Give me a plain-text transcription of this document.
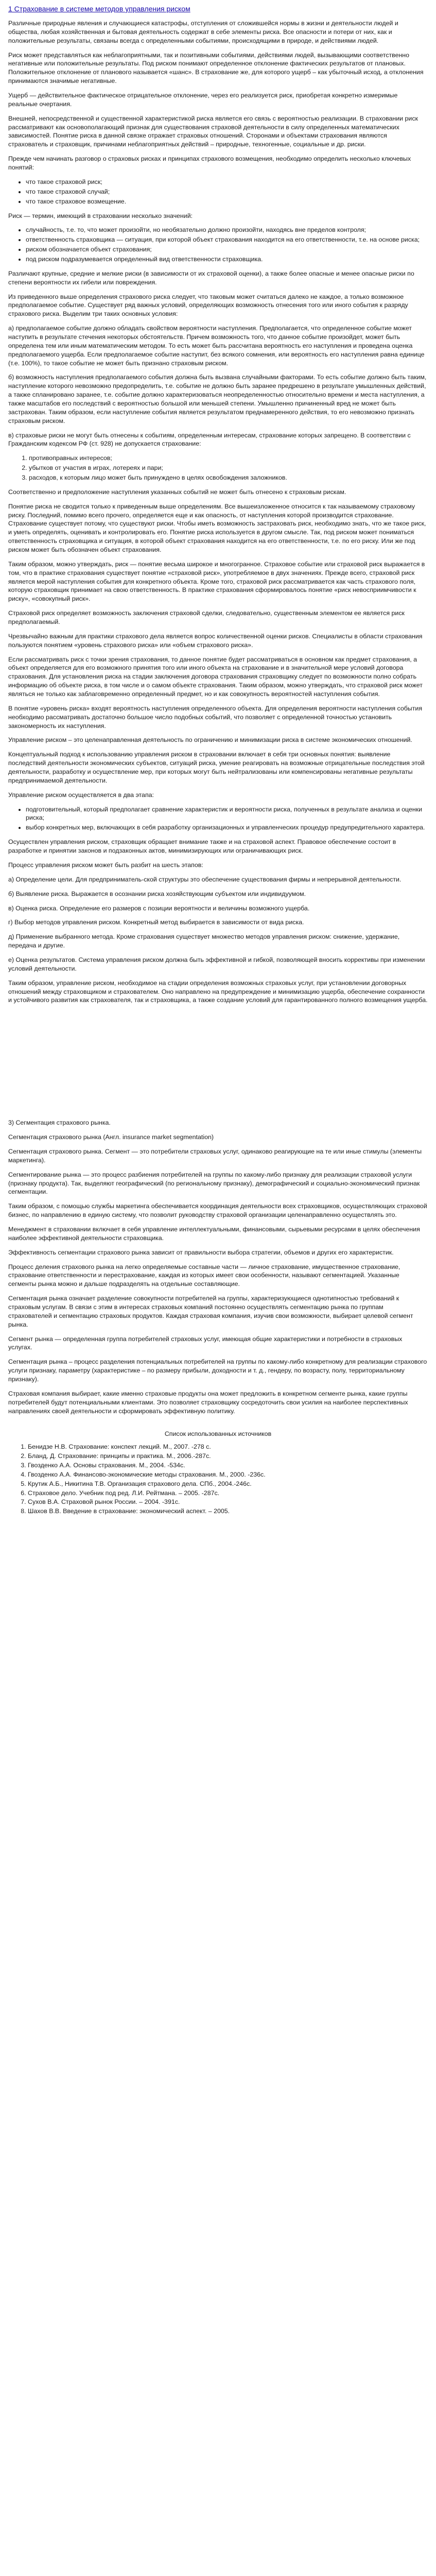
1 Страхование в системе методов управления риском

Различные природные явления и случающиеся катастрофы, отступления от сложившейся нормы в жизни и деятельности людей и общества, любая хозяйственная и бытовая деятельность содержат в себе элементы риска. Все опасности и потери от них, как и положительные результаты, связаны всегда с определенными событиями, происходящими в природе, и действиями людей.

Риск может представляться как неблагоприятными, так и позитивными событиями, действиями людей, вызывающими соответственно негативные или положительные результаты. Под риском понимают определенное отклонение фактических результатов от плановых. Положительное отклонение от планового называется «шанс». В страхование же, для которого ущерб – как убыточный исход, а отклонения принимаются значимые негативные.

Ущерб — действительное фактическое отрицательное отклонение, через его реализуется риск, приобретая конкретно измеримые реальные очертания.

Внешней, непосредственной и существенной характеристикой риска является его связь с вероятностью реализации. В страховании риск рассматривают как основополагающий признак для существования страховой деятельности в силу определенных математических зависимостей. Понятие риска в данной связке отражает страховых отношений. Сторонами и объектами страхования являются страхователь и страховщик, причинами неблагоприятных действий – природные, техногенные, социальные и др. риски.

Прежде чем начинать разговор о страховых рисках и принципах страхового возмещения, необходимо определить несколько ключевых понятий:

• что такое страховой риск;
• что такое страховой случай;
• что такое страховое возмещение.

Риск — термин, имеющий в страховании несколько значений:

• случайность, т.е. то, что может произойти, но необязательно должно произойти, находясь вне пределов контроля;
• ответственность страховщика — ситуация, при которой объект страхования находится на его ответственности, т.е. на основе риска;
• риском обозначается объект страхования;
• под риском подразумевается определенный вид ответственности страховщика.

Различают крупные, средние и мелкие риски (в зависимости от их страховой оценки), а также более опасные и менее опасные риски по степени вероятности их гибели или повреждения.

Из приведенного выше определения страхового риска следует, что таковым может считаться далеко не каждое, а только возможное предполагаемое событие. Существует ряд важных условий, определяющих возможность отнесения того или иного события к разряду страхового риска. Выделим три таких основных условия:

а) предполагаемое событие должно обладать свойством вероятности наступления. Предполагается, что определенное событие может наступить в результате стечения некоторых обстоятельств. Причем возможность того, что данное событие произойдет, может быть определена тем или иным математическим методом. То есть может быть рассчитана вероятность его наступления и проведена оценка предполагаемого ущерба. Если предполагаемое событие наступит, без всякого сомнения, или вероятность его наступления равна единице (т.е. 100%), то такое событие не может быть признано страховым риском.

б) возможность наступления предполагаемого события должна быть вызвана случайными факторами. То есть событие должно быть таким, наступление которого невозможно предопределить, т.е. событие не должно быть заранее предрешено в результате умышленных действий, а также спланировано заранее, т.е. событие должно характеризоваться неопределенностью относительно времени и места наступления, а также масштабов его последствий с вероятностью большой или меньшей степени. Умышленно причиненный вред не может быть застрахован. Таким образом, если наступление события является результатом преднамеренного действия, то его невозможно признать страховым риском.

в) страховые риски не могут быть отнесены к событиям, определенным интересам, страхование которых запрещено. В соответствии с Гражданским кодексом РФ (ст. 928) не допускается страхование:

1. противоправных интересов;
2. убытков от участия в играх, лотереях и пари;
3. расходов, к которым лицо может быть принуждено в целях освобождения заложников.

Соответственно и предположение наступления указанных событий не может быть отнесено к страховым рискам.

Понятие риска не сводится только к приведенным выше определениям. Все вышеизложенное относится к так называемому страховому риску. Последний, помимо всего прочего, определяется еще и как опасность, от наступления которой производится страхование. Страхование существует потому, что существуют риски. Чтобы иметь возможность застраховать риск, необходимо знать, что же такое риск, и уметь определять, оценивать и контролировать его. Понятие риска используется в другом смысле. Так, под риском может пониматься ответственность страховщика и ситуация, в которой объект страхования находится на его ответственности, т.е. по его риску. Или же под риском может быть обозначен объект страхования.

Таким образом, можно утверждать, риск — понятие весьма широкое и многогранное. Страховое событие или страховой риск выражается в том, что в практике страхования существует понятие «страховой риск», употребляемое в двух значениях. Прежде всего, страховой риск является мерой наступления события для конкретного объекта. Кроме того, страховой риск рассматривается как часть страхового поля, которую страховщик принимает на свою ответственность. В практике страхования сформировалось понятие «риск невосприимчивости к риску», «совокупный риск».

Страховой риск определяет возможность заключения страховой сделки, следовательно, существенным элементом ее является риск предполагаемый.

Чрезвычайно важным для практики страхового дела является вопрос количественной оценки рисков. Специалисты в области страхования пользуются понятием «уровень страхового риска» или «объем страхового риска».

Если рассматривать риск с точки зрения страхования, то данное понятие будет рассматриваться в основном как предмет страхования, а объект определяется для его возможного принятия того или иного объекта на страхование и в значительной мере условий договора страхования. Для установления риска на стадии заключения договора страхования страховщику следует по возможности полно собрать информацию об объекте риска, в том числе и о самом объекте страхования. Таким образом, можно утверждать, что страховой риск может являться не только как заблаговременно определенный предмет, но и как совокупность вероятностей наступления события.

В понятие «уровень риска» входят вероятность наступления определенного объекта. Для определения вероятности наступления события необходимо рассматривать достаточно большое число подобных событий, что позволяет с определенной точностью установить закономерность их наступления.

Управление риском – это целенаправленная деятельность по ограничению и минимизации риска в системе экономических отношений.

Концептуальный подход к использованию управления риском в страховании включает в себя три основных понятия: выявление последствий деятельности экономических субъектов, ситуаций риска, умение реагировать на возможные отрицательные последствия этой деятельности, разработку и осуществление мер, при которых могут быть нейтрализованы или компенсированы негативные результаты предпринимаемой деятельности.

Управление риском осуществляется в два этапа:

• подготовительный, который предполагает сравнение характеристик и вероятности риска, полученных в результате анализа и оценки риска;
• выбор конкретных мер, включающих в себя разработку организационных и управленческих процедур предупредительного характера.

Осуществлен управления риском, страховщик обращает внимание также и на страховой аспект. Правовое обеспечение состоит в разработке и принятии законов и подзаконных актов, минимизирующих или ограничивающих риск.

Процесс управления риском может быть разбит на шесть этапов:

а) Определение цели. Для предприниматель-ской структуры это обеспечение существования фирмы и непрерывной деятельности.

б) Выявление риска. Выражается в осознании риска хозяйствующим субъектом или индивидуумом.

в) Оценка риска. Определение его размеров с позиции вероятности и величины возможного ущерба.

г) Выбор методов управления риском. Конкретный метод выбирается в зависимости от вида риска.

д) Применение выбранного метода. Кроме страхования существует множество методов управления риском: снижение, удержание, передача и другие.

е) Оценка результатов. Система управления риском должна быть эффективной и гибкой, позволяющей вносить коррективы при изменении условий деятельности.

Таким образом, управление риском, необходимое на стадии определения возможных страховых услуг, при установлении договорных отношений между страховщиком и страхователем. Оно направлено на предупреждение и минимизацию ущерба, обеспечение сохранности и устойчивого развития как страхователя, так и страховщика, а также создание условий для гарантированного полного возмещения ущерба.

3) Сегментация страхового рынка.

Сегментация страхового рынка (Англ. insurance market segmentation)

Сегментация страхового рынка. Сегмент — это потребители страховых услуг, одинаково реагирующие на те или иные стимулы (элементы маркетинга).

Сегментирование рынка — это процесс разбиения потребителей на группы по какому-либо признаку для реализации страховой услуги (признаку продукта). Так, выделяют географический (по региональному признаку), демографический и социально-экономический признак сегментации.

Таким образом, с помощью службы маркетинга обеспечивается координация деятельности всех страховщиков, осуществляющих страховой бизнес, по направлению в единую систему, что позволит руководству страховой организации целенаправленно осуществлять это.

Менеджмент в страховании включает в себя управление интеллектуальными, финансовыми, сырьевыми ресурсами в целях обеспечения наиболее эффективной деятельности страховщика.

Эффективность сегментации страхового рынка зависит от правильности выбора стратегии, объемов и других его характеристик.

Процесс деления страхового рынка на легко определяемые составные части — личное страхование, имущественное страхование, страхование ответственности и перестрахование, каждая из которых имеет свои особенности, называют сегментацией. Указанные сегменты рынка можно и дальше подразделять на отдельные составляющие.

Сегментация рынка означает разделение совокупности потребителей на группы, характеризующиеся однотипностью требований к страховым услугам. В связи с этим в интересах страховых компаний постоянно осуществлять сегментацию рынка по группам страхователей и сегментацию страховых продуктов. Каждая страховая компания, изучив свои возможности, выбирает целевой сегмент рынка.

Сегмент рынка — определенная группа потребителей страховых услуг, имеющая общие характеристики и потребности в страховых услугах.

Сегментация рынка – процесс разделения потенциальных потребителей на группы по какому-либо конкретному для реализации страхового услуги признаку, параметру (характеристике – по размеру прибыли, доходности и т. д., гендеру, по возрасту, полу, территориальному признаку).

Страховая компания выбирает, какие именно страховые продукты она может предложить в конкретном сегменте рынка, какие группы потребителей будут потенциальными клиентами. Это позволяет страховщику сосредоточить свои усилия на наиболее перспективных направлениях своей деятельности и сформировать эффективную политику.

Список использованных источников
1. Бенидзе Н.В. Страхование: конспект лекций. М., 2007. -278 с.
2. Бланд, Д. Страхование: принципы и практика. М., 2006.-287с.
3. Гвозденко А.А. Основы страхования. М., 2004. -534с.
4. Гвозденко А.А. Финансово-экономические методы страхования. М., 2000. -236с.
5. Крутик А.Б., Никитина Т.В. Организация страхового дела. СПб., 2004.-246с.
6. Страховое дело. Учебник под ред. Л.И. Рейтмана. – 2005. -287с.
7. Сухов В.А. Страховой рынок России. – 2004. -391с.
8. Шахов В.В. Введение в страхование: экономический аспект. – 2005.
